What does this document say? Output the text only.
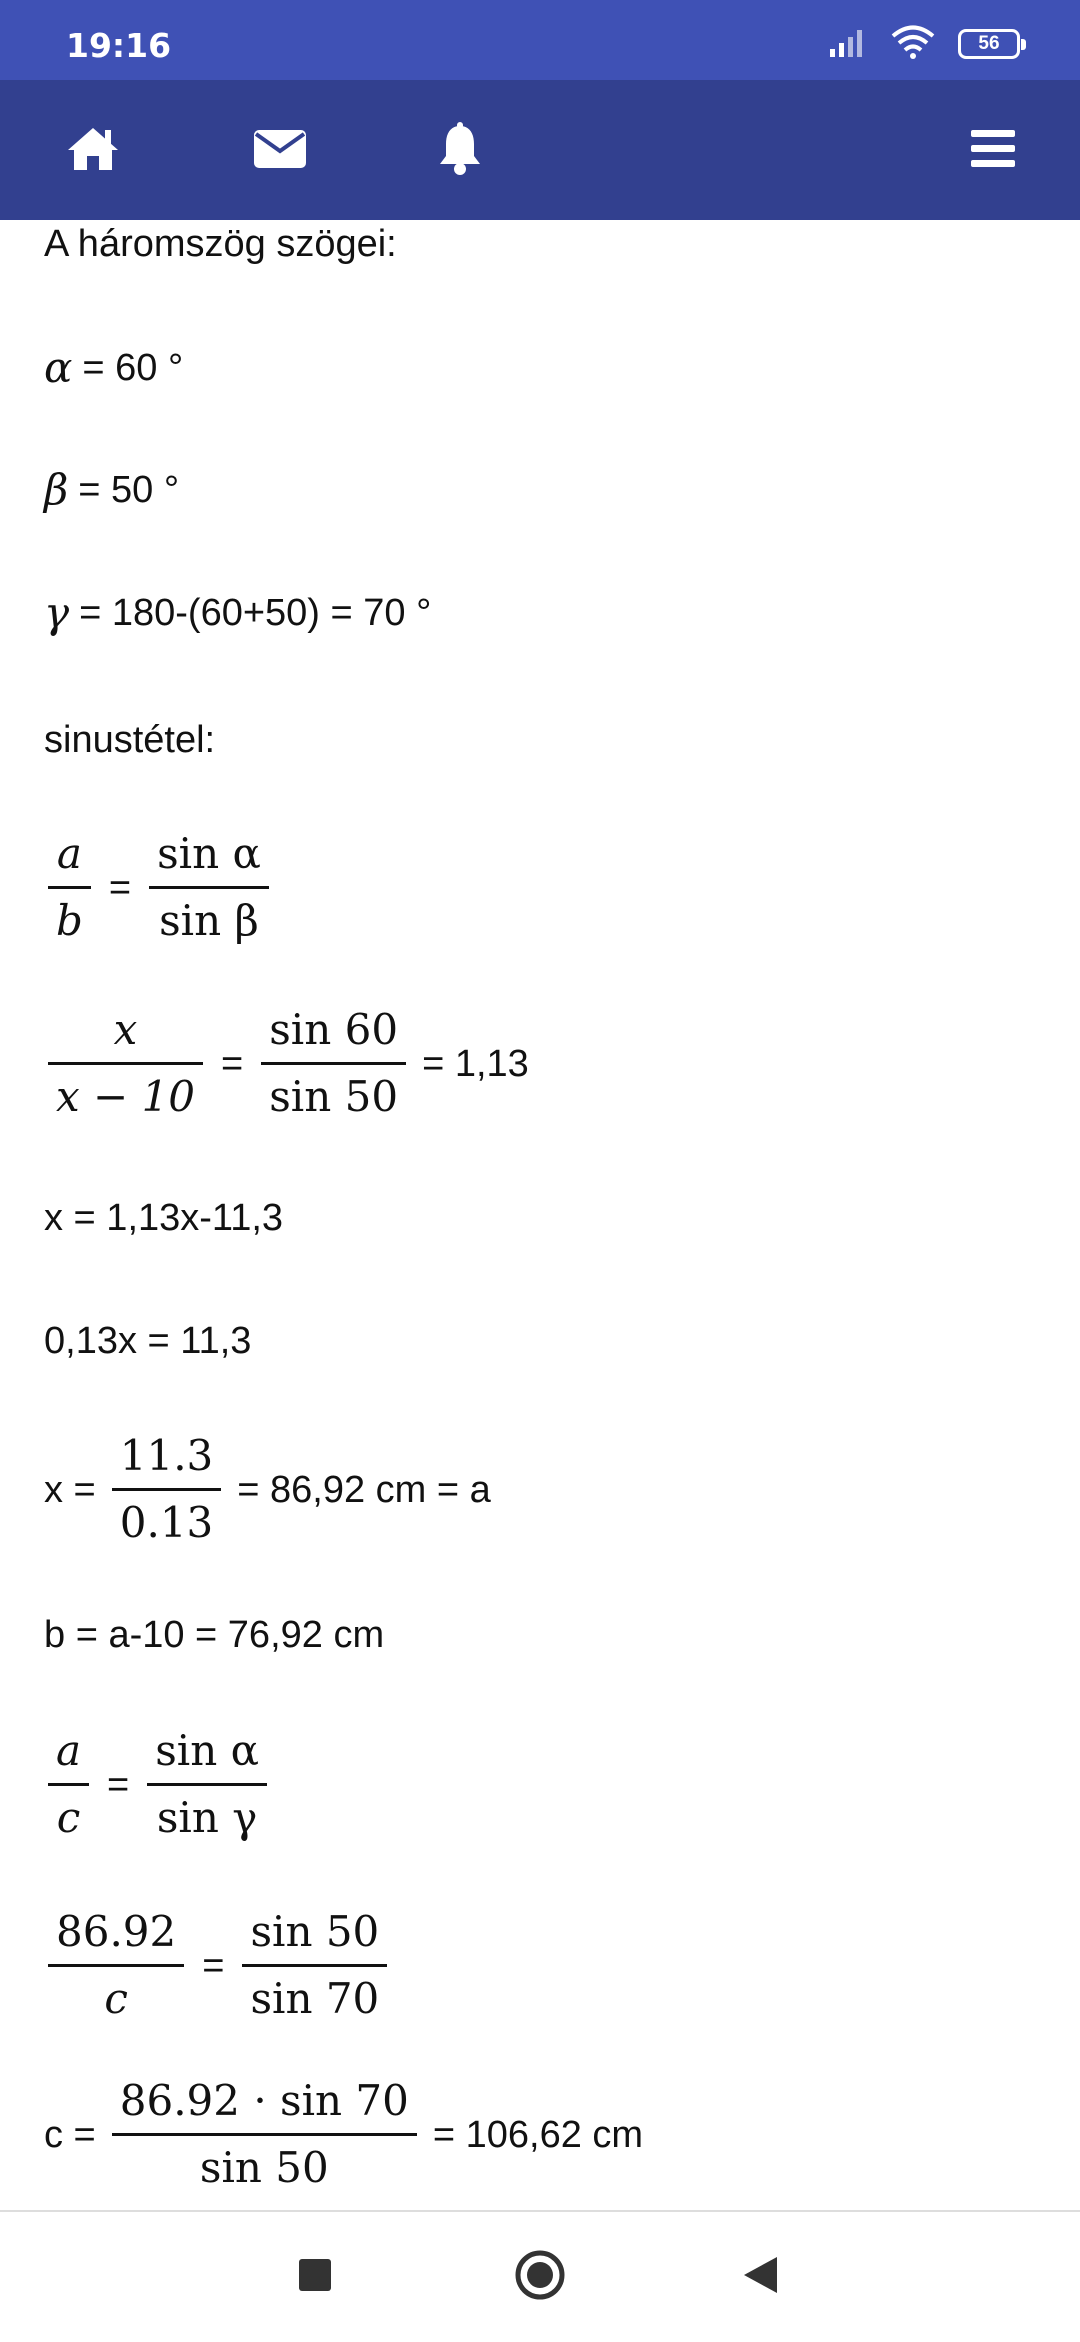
19:16	56
A háromszög szögei:
α = 60 °
β = 50 °
γ = 180-(60+50) = 70 °
sinustétel:
$\frac{a}{b} = \frac{\text{sin α}}{\text{sin β}}$
$\frac{x}{x - 10} = \frac{\sin 60}{\sin 50} = 1,13$
x = 1,13x-11,3
0,13x = 11,3
$x = \frac{11.3}{0.13} = 86,92$ cm = a
b = a-10 = 76,92 cm
$\frac{a}{c} = \frac{\text{sin α}}{\text{sin γ}}$
$\frac{86.92}{c} = \frac{\sin 50}{\sin 70}$
$c = \frac{86.92 \cdot \sin 70}{\sin 50} = 106,62$ cm
